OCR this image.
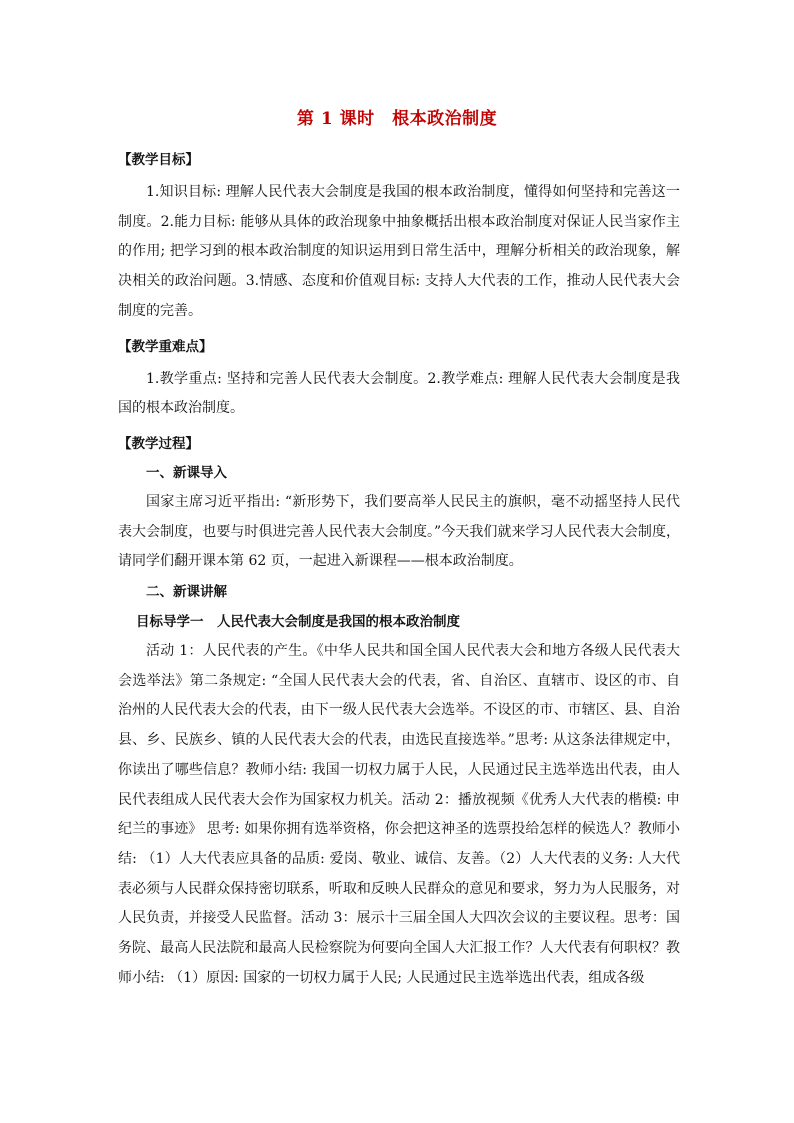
第 1 课时　根本政治制度

【教学目标】

1.知识目标: 理解人民代表大会制度是我国的根本政治制度，懂得如何坚持和完善这一制度。2.能力目标: 能够从具体的政治现象中抽象概括出根本政治制度对保证人民当家作主的作用; 把学习到的根本政治制度的知识运用到日常生活中，理解分析相关的政治现象，解决相关的政治问题。3.情感、态度和价值观目标: 支持人大代表的工作，推动人民代表大会制度的完善。

【教学重难点】

1.教学重点: 坚持和完善人民代表大会制度。2.教学难点: 理解人民代表大会制度是我国的根本政治制度。

【教学过程】

一、新课导入

国家主席习近平指出: “新形势下，我们要高举人民民主的旗帜，毫不动摇坚持人民代表大会制度，也要与时俱进完善人民代表大会制度。”今天我们就来学习人民代表大会制度，请同学们翻开课本第 62 页，一起进入新课程——根本政治制度。

二、新课讲解

目标导学一　人民代表大会制度是我国的根本政治制度

活动 1：人民代表的产生。《中华人民共和国全国人民代表大会和地方各级人民代表大会选举法》第二条规定: “全国人民代表大会的代表，省、自治区、直辖市、设区的市、自治州的人民代表大会的代表，由下一级人民代表大会选举。不设区的市、市辖区、县、自治县、乡、民族乡、镇的人民代表大会的代表，由选民直接选举。”思考: 从这条法律规定中，你读出了哪些信息？教师小结: 我国一切权力属于人民，人民通过民主选举选出代表，由人民代表组成人民代表大会作为国家权力机关。活动 2：播放视频《优秀人大代表的楷模: 申纪兰的事迹》 思考: 如果你拥有选举资格，你会把这神圣的选票投给怎样的候选人？教师小结: （1）人大代表应具备的品质: 爱岗、敬业、诚信、友善。（2）人大代表的义务: 人大代表必须与人民群众保持密切联系，听取和反映人民群众的意见和要求，努力为人民服务，对人民负责，并接受人民监督。活动 3：展示十三届全国人大四次会议的主要议程。思考：国务院、最高人民法院和最高人民检察院为何要向全国人大汇报工作？人大代表有何职权？教师小结: （1）原因: 国家的一切权力属于人民; 人民通过民主选举选出代表，组成各级
